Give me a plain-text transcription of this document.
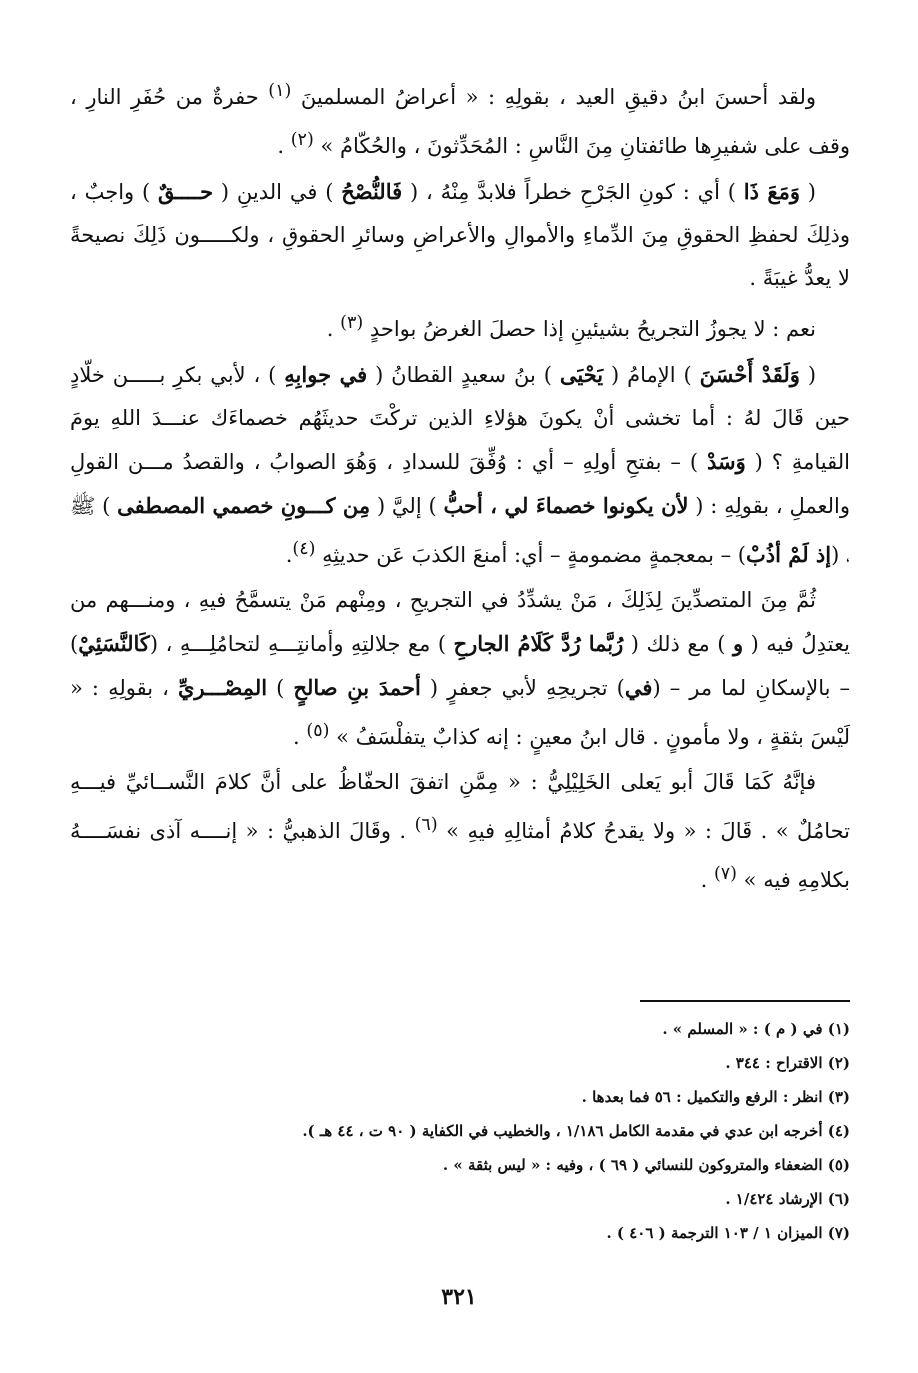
ولقد أحسنَ ابنُ دقيقِ العيد ، بقولِهِ : « أعراضُ المسلمينَ $^{(١)}$ حفرةٌ من حُفَرِ النارِ ، وقف على شفيرِها طائفتانِ مِنَ النَّاسِ : المُحَدِّثونَ ، والحُكّامُ » $^{(٢)}$ .

( وَمَعَ ذَا ) أي : كونِ الجَرْحِ خطراً فلابدَّ مِنْهُ ، ( فَالنُّصْحُ ) في الدينِ ( حــــقٌ ) واجبٌ ، وذلِكَ لحفظِ الحقوقِ مِنَ الدِّماءِ والأموالِ والأعراضِ وسائرِ الحقوقِ ، ولكـــــون ذَلِكَ نصيحةً لا يعدُّ غيبَةً .

نعم : لا يجوزُ التجريحُ بشيئينِ إذا حصلَ الغرضُ بواحدٍ $^{(٣)}$ .

( وَلَقَدْ أَحْسَنَ ) الإمامُ ( يَحْيَى ) بنُ سعيدٍ القطانُ ( في جوابِهِ ) ، لأبي بكرِ بـــــن خلّادٍ حين قَالَ لهُ : أما تخشى أنْ يكونَ هؤلاءِ الذين تركْتَ حديثَهُم خصماءَك عنـــدَ اللهِ يومَ القيامةِ ؟ ( وَسَدْ ) – بفتحِ أولِهِ – أي : وُفِّقَ للسدادِ ، وَهُوَ الصوابُ ، والقصدُ مـــن القولِ والعملِ ، بقولِهِ : ( لأن يكونوا خصماءَ لي ، أحبُّ ) إليَّ ( مِن كـــونِ خصمي المصطفى ) ﷺ ، (إذ لَمْ أذُبْ) – بمعجمةٍ مضمومةٍ – أي: أمنعَ الكذبَ عَن حديثِهِ $^{(٤)}$.

ثُمَّ مِنَ المتصدِّينَ لِذَلِكَ ، مَنْ يشدِّدُ في التجريحِ ، ومِنْهم مَنْ يتسمَّحُ فيهِ ، ومنـــهم من يعتدِلُ فيه ( و ) مع ذلك ( رُبَّما رُدَّ كَلَامُ الجارحِ ) مع جلالتِهِ وأمانتِـــهِ لتحامُلِـــهِ ، (كَالنَّسَئِيْ) – بالإسكانِ لما مر – (في) تجريحِهِ لأبي جعفرٍ ( أحمدَ بنِ صالحٍ ) المِصْـــريِّ ، بقولِهِ : « لَيْسَ بثقةٍ ، ولا مأمونٍ . قال ابنُ معينٍ : إنه كذابٌ يتفلْسَفُ » $^{(٥)}$ .

فإنَّهُ كَمَا قَالَ أبو يَعلى الخَلِيْلِيُّ : « مِمَّنِ اتفقَ الحفّاظُ على أنَّ كلامَ النَّســائيِّ فيـــهِ تحامُلٌ » . قَالَ : « ولا يقدحُ كلامُ أمثالِهِ فيهِ » $^{(٦)}$ . وقَالَ الذهبيُّ : « إنــــه آذى نفسَــــهُ بكلامِهِ فيه » $^{(٧)}$ .

(١) في ( م ) : « المسلم » .

(٢) الاقتراح : ٣٤٤ .

(٣) انظر : الرفع والتكميل : ٥٦ فما بعدها .

(٤) أخرجه ابن عدي في مقدمة الكامل ١/١٨٦ ، والخطيب في الكفاية ( ٩٠ ت ، ٤٤ هـ ).

(٥) الضعفاء والمتروكون للنسائي ( ٦٩ ) ، وفيه : « ليس بثقة » .

(٦) الإرشاد ١/٤٢٤ .

(٧) الميزان ١ / ١٠٣ الترجمة ( ٤٠٦ ) .

٣٢١
